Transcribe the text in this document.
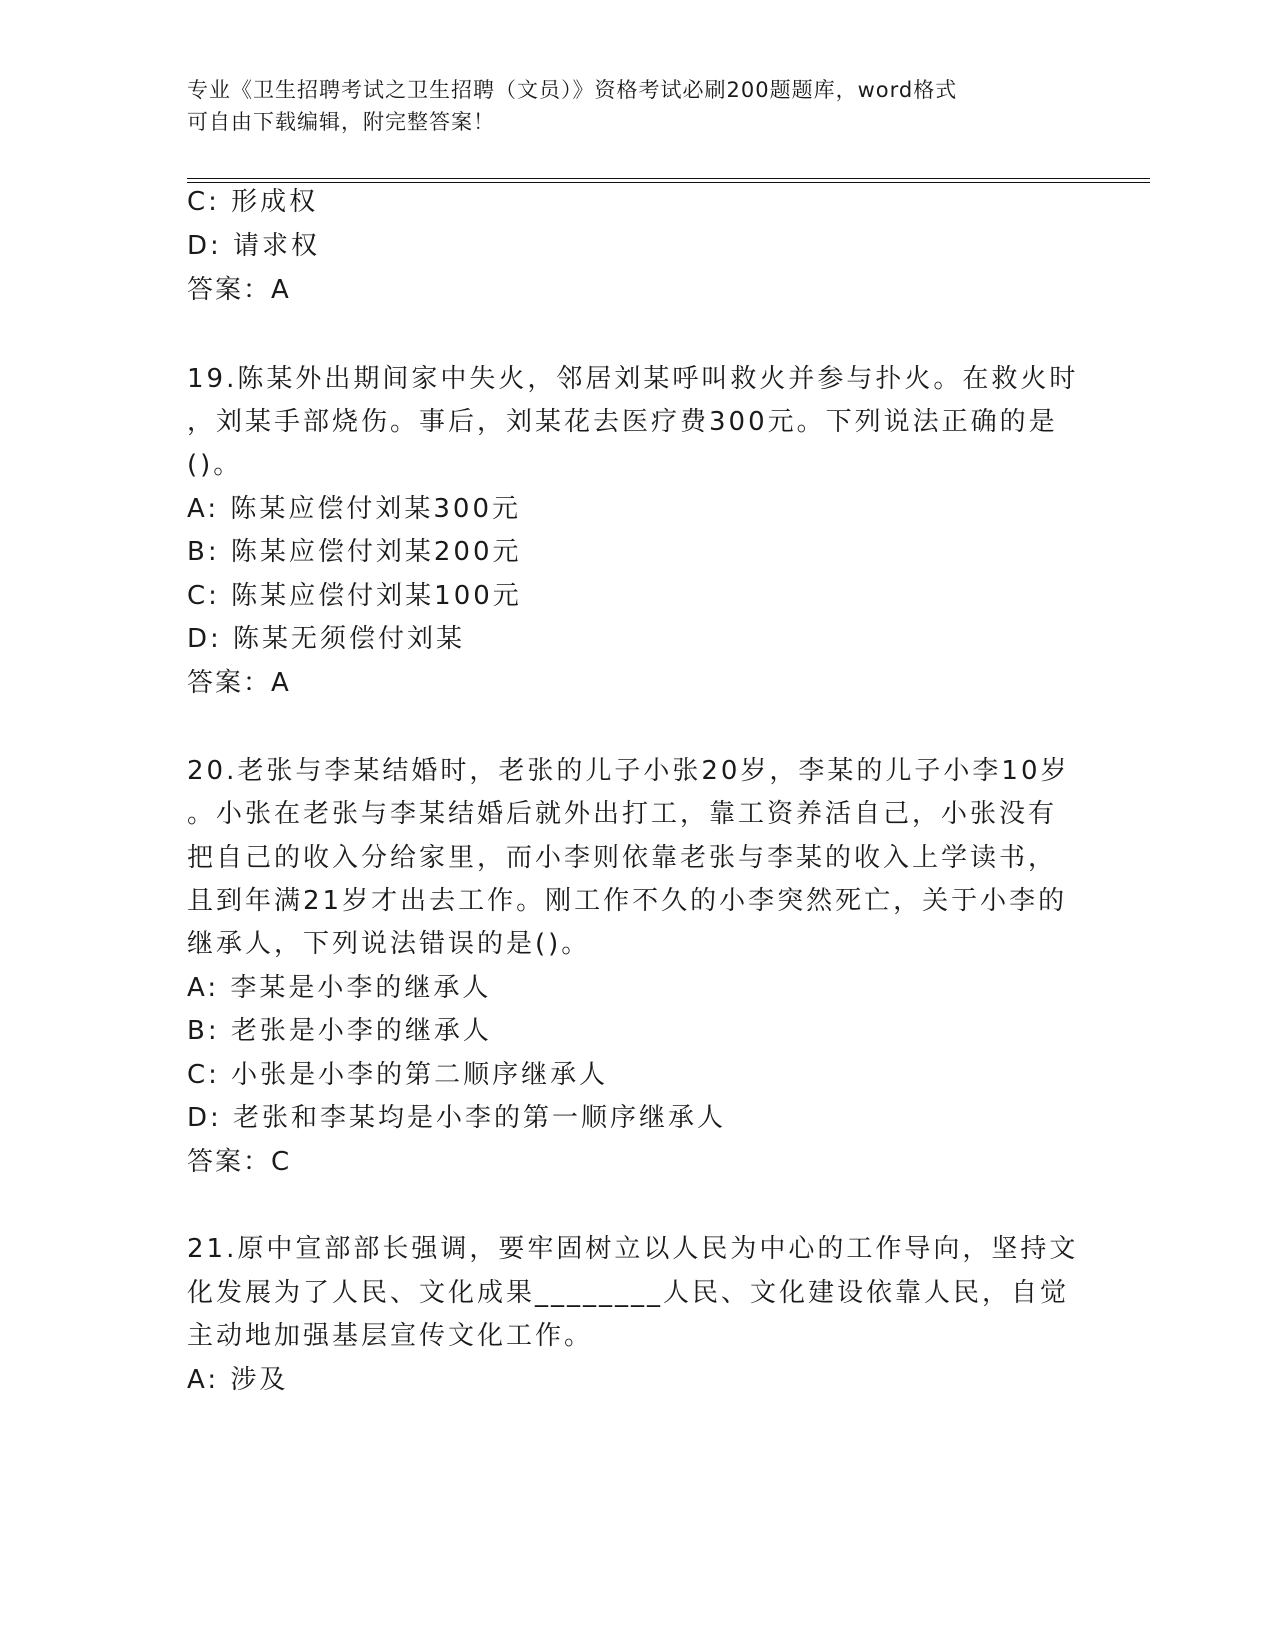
专业《卫生招聘考试之卫生招聘（文员）》资格考试必刷200题题库，word格式
可自由下载编辑，附完整答案！
C: 形成权
D: 请求权
答案：A
19.陈某外出期间家中失火，邻居刘某呼叫救火并参与扑火。在救火时
，刘某手部烧伤。事后，刘某花去医疗费300元。下列说法正确的是
()。
A: 陈某应偿付刘某300元
B: 陈某应偿付刘某200元
C: 陈某应偿付刘某100元
D: 陈某无须偿付刘某
答案：A
20.老张与李某结婚时，老张的儿子小张20岁，李某的儿子小李10岁
。小张在老张与李某结婚后就外出打工，靠工资养活自己，小张没有
把自己的收入分给家里，而小李则依靠老张与李某的收入上学读书，
且到年满21岁才出去工作。刚工作不久的小李突然死亡，关于小李的
继承人，下列说法错误的是()。
A: 李某是小李的继承人
B: 老张是小李的继承人
C: 小张是小李的第二顺序继承人
D: 老张和李某均是小李的第一顺序继承人
答案：C
21.原中宣部部长强调，要牢固树立以人民为中心的工作导向，坚持文
化发展为了人民、文化成果________人民、文化建设依靠人民，自觉
主动地加强基层宣传文化工作。
A: 涉及
